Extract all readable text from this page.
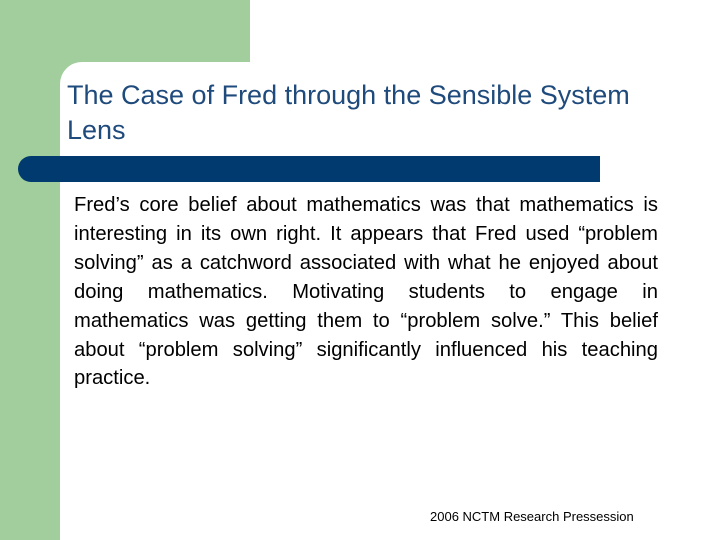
The Case of Fred through the Sensible System Lens
Fred’s core belief about mathematics was that mathematics is interesting in its own right. It appears that Fred used “problem solving” as a catchword associated with what he enjoyed about doing mathematics. Motivating students to engage in mathematics was getting them to “problem solve.” This belief about “problem solving” significantly influenced his teaching practice.
2006 NCTM Research Pressession
